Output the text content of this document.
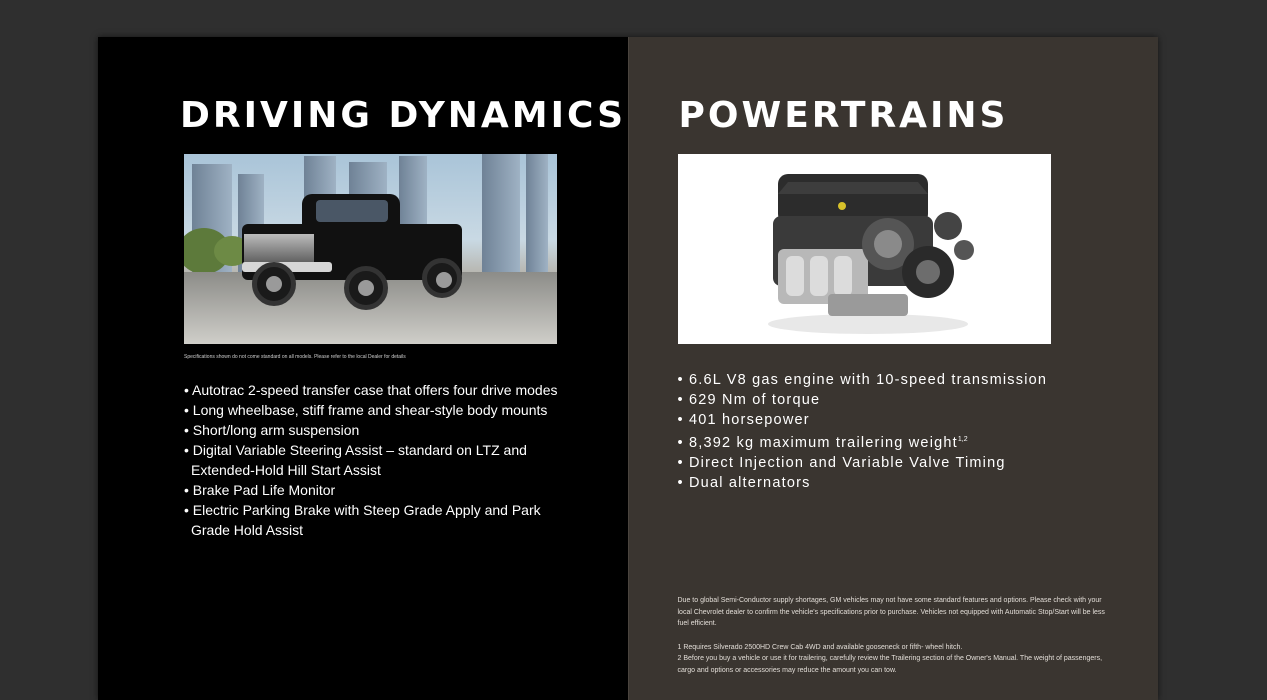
DRIVING DYNAMICS
Specifications shown do not come standard on all models. Please refer to the local Dealer for details
• Autotrac 2-speed transfer case that offers four drive modes
• Long wheelbase, stiff frame and shear-style body mounts
• Short/long arm suspension
• Digital Variable Steering Assist – standard on LTZ and Extended-Hold Hill Start Assist
• Brake Pad Life Monitor
• Electric Parking Brake with Steep Grade Apply and Park Grade Hold Assist
POWERTRAINS
• 6.6L V8 gas engine with 10-speed transmission
• 629 Nm of torque
• 401 horsepower
• 8,392 kg maximum trailering weight$^{1,2}$
• Direct Injection and Variable Valve Timing
• Dual alternators
Due to global Semi-Conductor supply shortages, GM vehicles may not have some standard features and options. Please check with your local Chevrolet dealer to confirm the vehicle's specifications prior to purchase. Vehicles not equipped with Automatic Stop/Start will be less fuel efficient.
1 Requires Silverado 2500HD Crew Cab 4WD and available gooseneck or fifth- wheel hitch.
2 Before you buy a vehicle or use it for trailering, carefully review the Trailering section of the Owner's Manual. The weight of passengers, cargo and options or accessories may reduce the amount you can tow.
